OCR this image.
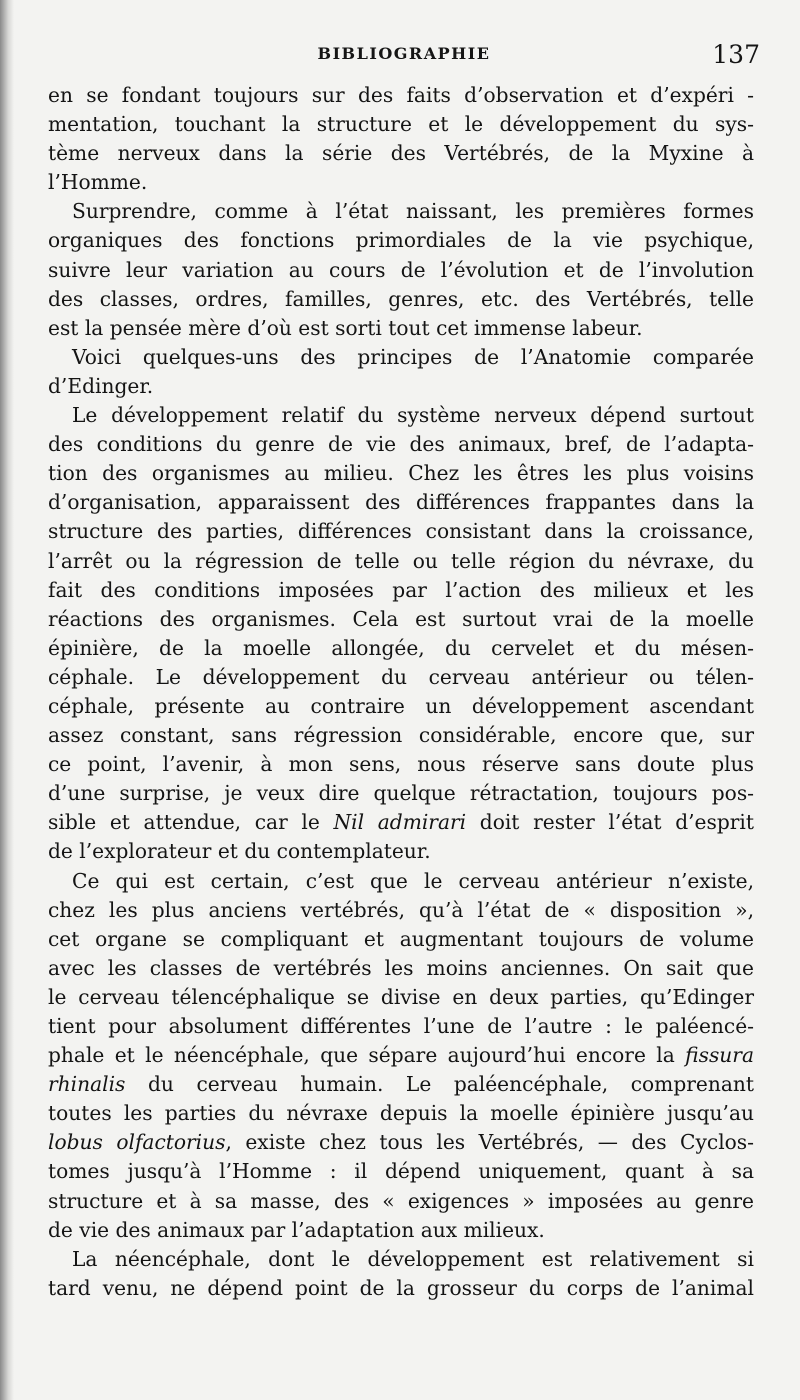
BIBLIOGRAPHIE	137
en se fondant toujours sur des faits d’observation et d’expéri -
mentation, touchant la structure et le développement du sys-
tème nerveux dans la série des Vertébrés, de la Myxine à
l’Homme.
Surprendre, comme à l’état naissant, les premières formes
organiques des fonctions primordiales de la vie psychique,
suivre leur variation au cours de l’évolution et de l’involution
des classes, ordres, familles, genres, etc. des Vertébrés, telle
est la pensée mère d’où est sorti tout cet immense labeur.
Voici quelques-uns des principes de l’Anatomie comparée
d’Edinger.
Le développement relatif du système nerveux dépend surtout
des conditions du genre de vie des animaux, bref, de l’adapta-
tion des organismes au milieu. Chez les êtres les plus voisins
d’organisation, apparaissent des différences frappantes dans la
structure des parties, différences consistant dans la croissance,
l’arrêt ou la régression de telle ou telle région du névraxe, du
fait des conditions imposées par l’action des milieux et les
réactions des organismes. Cela est surtout vrai de la moelle
épinière, de la moelle allongée, du cervelet et du mésen-
céphale. Le développement du cerveau antérieur ou télen-
céphale, présente au contraire un développement ascendant
assez constant, sans régression considérable, encore que, sur
ce point, l’avenir, à mon sens, nous réserve sans doute plus
d’une surprise, je veux dire quelque rétractation, toujours pos-
sible et attendue, car le Nil admirari doit rester l’état d’esprit
de l’explorateur et du contemplateur.
Ce qui est certain, c’est que le cerveau antérieur n’existe,
chez les plus anciens vertébrés, qu’à l’état de « disposition »,
cet organe se compliquant et augmentant toujours de volume
avec les classes de vertébrés les moins anciennes. On sait que
le cerveau télencéphalique se divise en deux parties, qu’Edinger
tient pour absolument différentes l’une de l’autre : le paléencé-
phale et le néencéphale, que sépare aujourd’hui encore la fissura
rhinalis du cerveau humain. Le paléencéphale, comprenant
toutes les parties du névraxe depuis la moelle épinière jusqu’au
lobus olfactorius, existe chez tous les Vertébrés, — des Cyclos-
tomes jusqu’à l’Homme : il dépend uniquement, quant à sa
structure et à sa masse, des « exigences » imposées au genre
de vie des animaux par l’adaptation aux milieux.
La néencéphale, dont le développement est relativement si
tard venu, ne dépend point de la grosseur du corps de l’animal
